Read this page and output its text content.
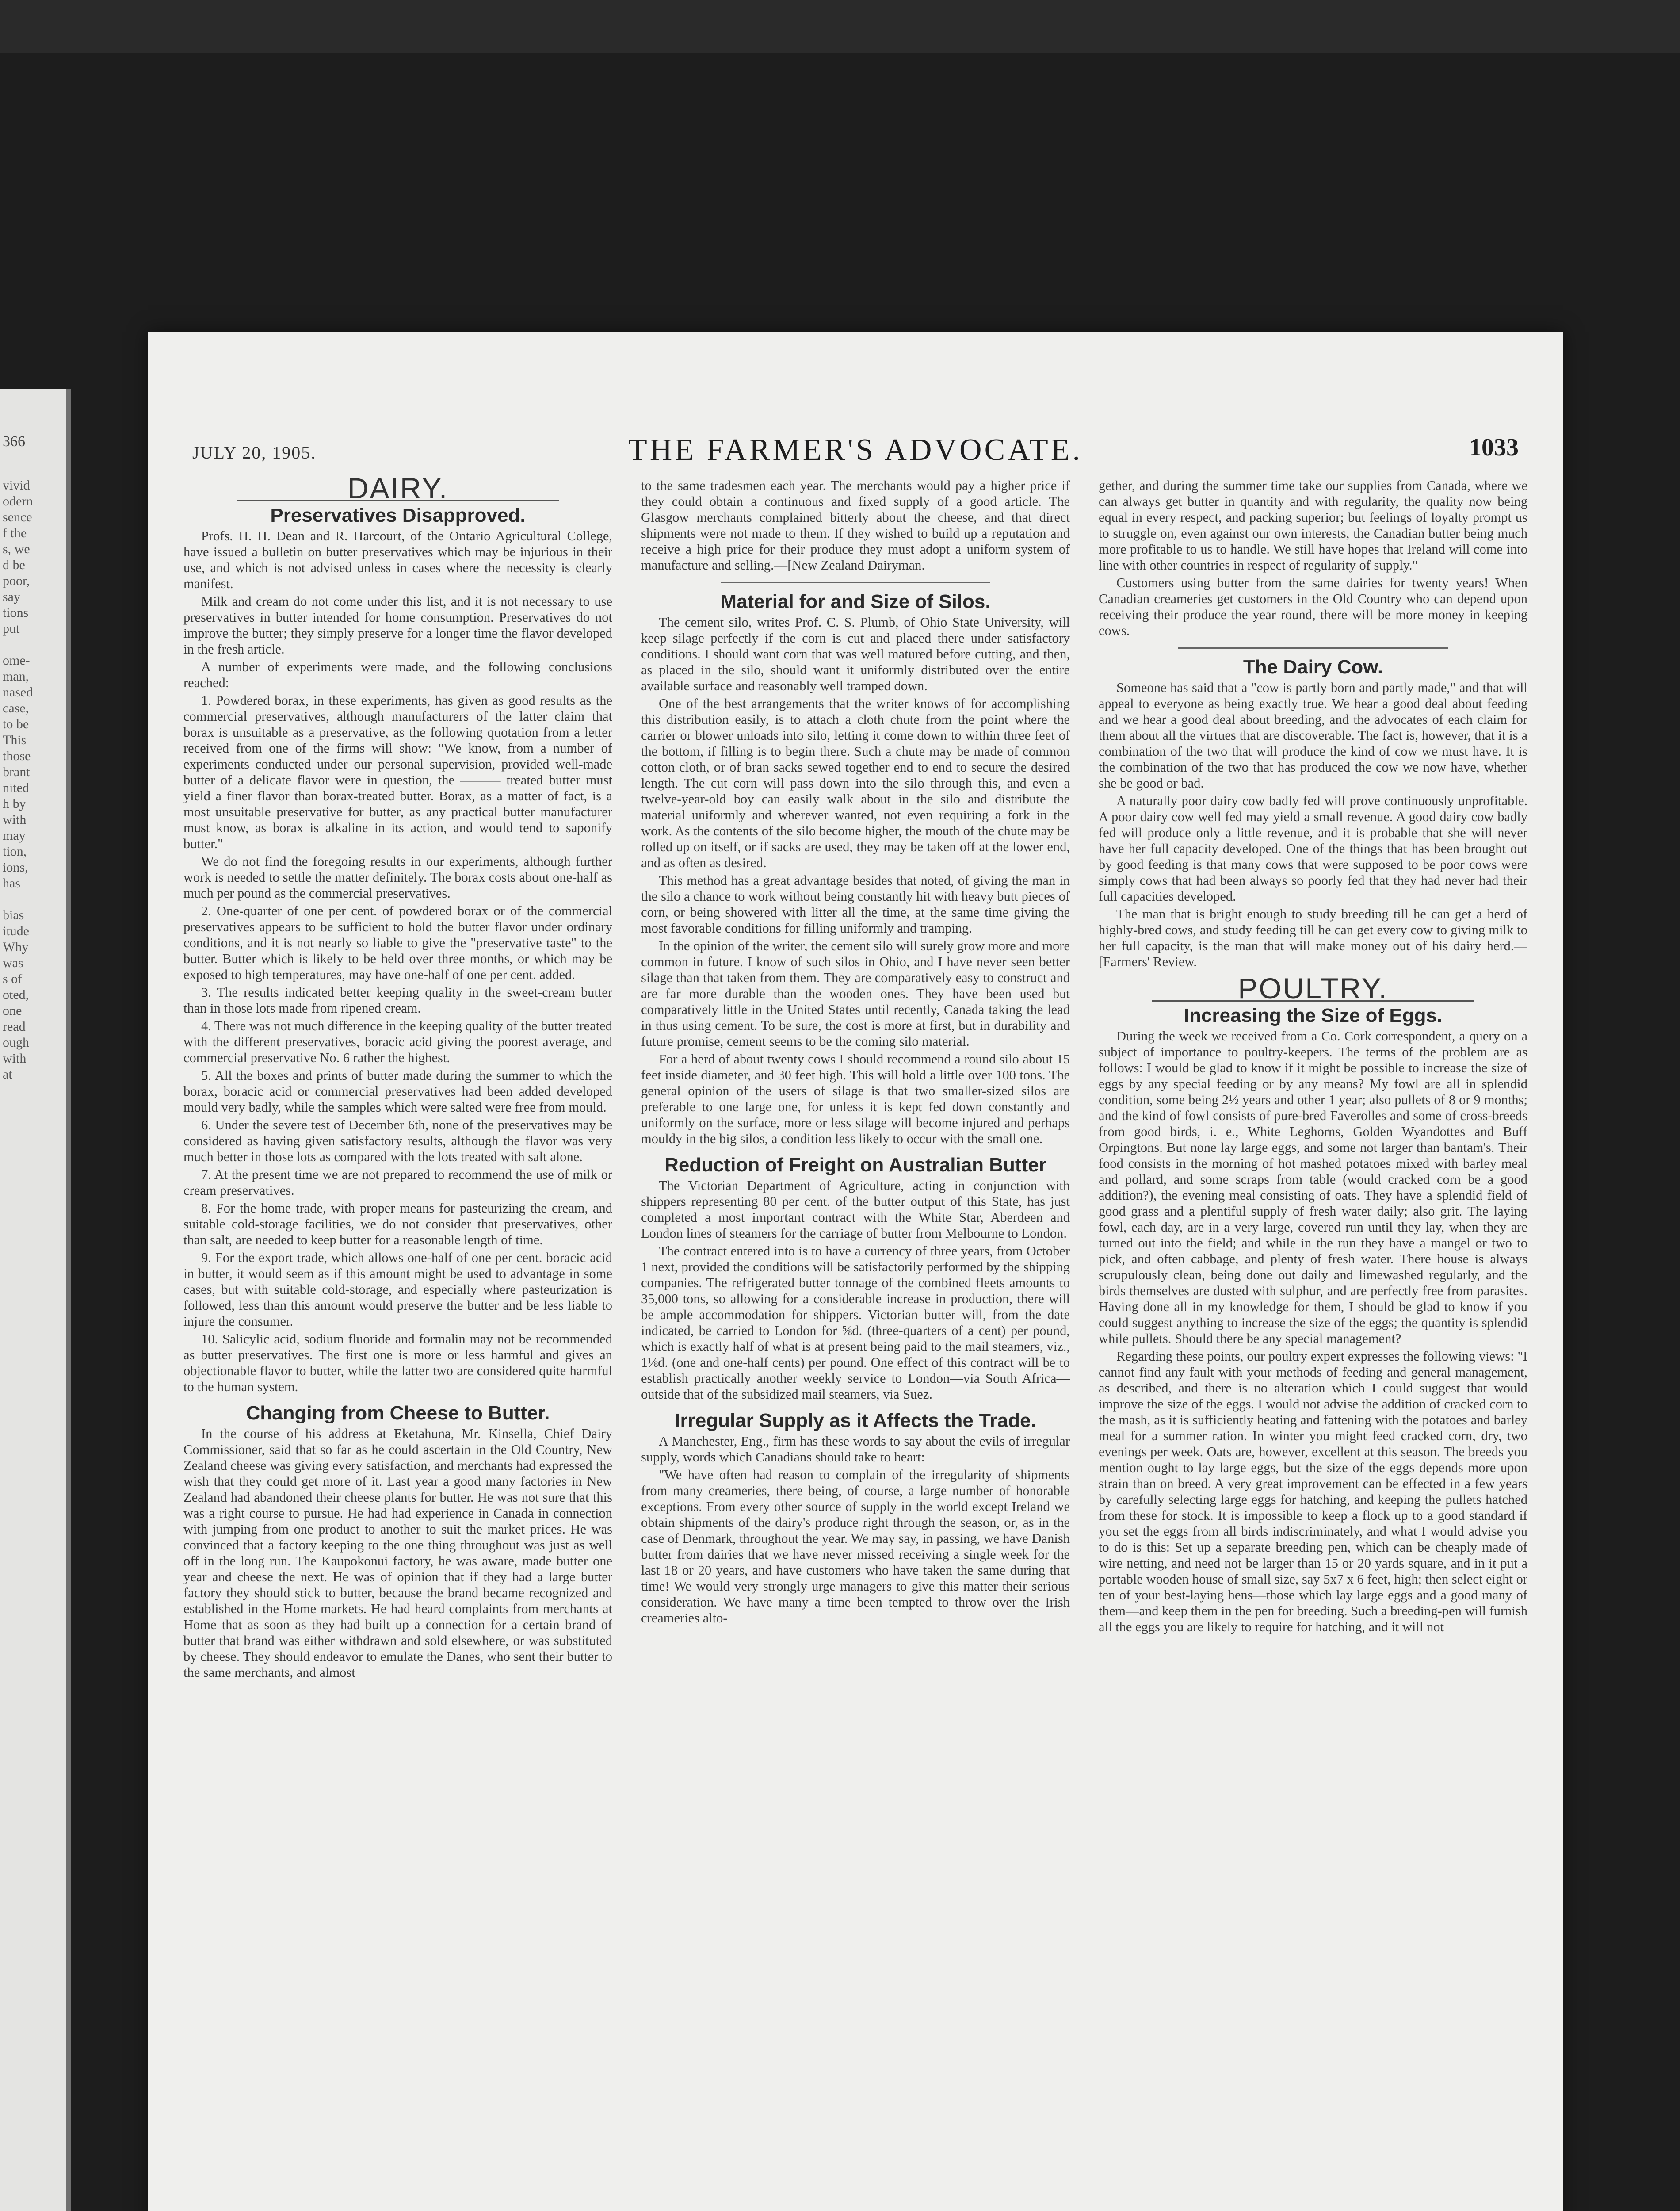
366
vivid
odern
sence
f the
s, we
d be
poor,
say
tions
put

ome-
man,
nased
case,
to be
This
those
brant
nited
h by
with
may
tion,
ions,
has

bias
itude
Why
was
s of
oted,
one
read
ough
with
at
JULY 20, 1905.	THE FARMER'S ADVOCATE.	1033
DAIRY.
Preservatives Disapproved.

Profs. H. H. Dean and R. Harcourt, of the Ontario Agricultural College, have issued a bulletin on butter preservatives which may be injurious in their use, and which is not advised unless in cases where the necessity is clearly manifest.

Milk and cream do not come under this list, and it is not necessary to use preservatives in butter intended for home consumption. Preservatives do not improve the butter; they simply preserve for a longer time the flavor developed in the fresh article.

A number of experiments were made, and the following conclusions reached:

1. Powdered borax, in these experiments, has given as good results as the commercial preservatives, although manufacturers of the latter claim that borax is unsuitable as a preservative, as the following quotation from a letter received from one of the firms will show: "We know, from a number of experiments conducted under our personal supervision, provided well-made butter of a delicate flavor were in question, the ——— treated butter must yield a finer flavor than borax-treated butter. Borax, as a matter of fact, is a most unsuitable preservative for butter, as any practical butter manufacturer must know, as borax is alkaline in its action, and would tend to saponify butter."

We do not find the foregoing results in our experiments, although further work is needed to settle the matter definitely. The borax costs about one-half as much per pound as the commercial preservatives.

2. One-quarter of one per cent. of powdered borax or of the commercial preservatives appears to be sufficient to hold the butter flavor under ordinary conditions, and it is not nearly so liable to give the "preservative taste" to the butter. Butter which is likely to be held over three months, or which may be exposed to high temperatures, may have one-half of one per cent. added.

3. The results indicated better keeping quality in the sweet-cream butter than in those lots made from ripened cream.

4. There was not much difference in the keeping quality of the butter treated with the different preservatives, boracic acid giving the poorest average, and commercial preservative No. 6 rather the highest.

5. All the boxes and prints of butter made during the summer to which the borax, boracic acid or commercial preservatives had been added developed mould very badly, while the samples which were salted were free from mould.

6. Under the severe test of December 6th, none of the preservatives may be considered as having given satisfactory results, although the flavor was very much better in those lots as compared with the lots treated with salt alone.

7. At the present time we are not prepared to recommend the use of milk or cream preservatives.

8. For the home trade, with proper means for pasteurizing the cream, and suitable cold-storage facilities, we do not consider that preservatives, other than salt, are needed to keep butter for a reasonable length of time.

9. For the export trade, which allows one-half of one per cent. boracic acid in butter, it would seem as if this amount might be used to advantage in some cases, but with suitable cold-storage, and especially where pasteurization is followed, less than this amount would preserve the butter and be less liable to injure the consumer.

10. Salicylic acid, sodium fluoride and formalin may not be recommended as butter preservatives. The first one is more or less harmful and gives an objectionable flavor to butter, while the latter two are considered quite harmful to the human system.

Changing from Cheese to Butter.

In the course of his address at Eketahuna, Mr. Kinsella, Chief Dairy Commissioner, said that so far as he could ascertain in the Old Country, New Zealand cheese was giving every satisfaction, and merchants had expressed the wish that they could get more of it. Last year a good many factories in New Zealand had abandoned their cheese plants for butter. He was not sure that this was a right course to pursue. He had had experience in Canada in connection with jumping from one product to another to suit the market prices. He was convinced that a factory keeping to the one thing throughout was just as well off in the long run. The Kaupokonui factory, he was aware, made butter one year and cheese the next. He was of opinion that if they had a large butter factory they should stick to butter, because the brand became recognized and established in the Home markets. He had heard complaints from merchants at Home that as soon as they had built up a connection for a certain brand of butter that brand was either withdrawn and sold elsewhere, or was substituted by cheese. They should endeavor to emulate the Danes, who sent their butter to the same merchants, and almost

to the same tradesmen each year. The merchants would pay a higher price if they could obtain a continuous and fixed supply of a good article. The Glasgow merchants complained bitterly about the cheese, and that direct shipments were not made to them. If they wished to build up a reputation and receive a high price for their produce they must adopt a uniform system of manufacture and selling.—[New Zealand Dairyman.

Material for and Size of Silos.

The cement silo, writes Prof. C. S. Plumb, of Ohio State University, will keep silage perfectly if the corn is cut and placed there under satisfactory conditions. I should want corn that was well matured before cutting, and then, as placed in the silo, should want it uniformly distributed over the entire available surface and reasonably well tramped down.

One of the best arrangements that the writer knows of for accomplishing this distribution easily, is to attach a cloth chute from the point where the carrier or blower unloads into silo, letting it come down to within three feet of the bottom, if filling is to begin there. Such a chute may be made of common cotton cloth, or of bran sacks sewed together end to end to secure the desired length. The cut corn will pass down into the silo through this, and even a twelve-year-old boy can easily walk about in the silo and distribute the material uniformly and wherever wanted, not even requiring a fork in the work. As the contents of the silo become higher, the mouth of the chute may be rolled up on itself, or if sacks are used, they may be taken off at the lower end, and as often as desired.

This method has a great advantage besides that noted, of giving the man in the silo a chance to work without being constantly hit with heavy butt pieces of corn, or being showered with litter all the time, at the same time giving the most favorable conditions for filling uniformly and tramping.

In the opinion of the writer, the cement silo will surely grow more and more common in future. I know of such silos in Ohio, and I have never seen better silage than that taken from them. They are comparatively easy to construct and are far more durable than the wooden ones. They have been used but comparatively little in the United States until recently, Canada taking the lead in thus using cement. To be sure, the cost is more at first, but in durability and future promise, cement seems to be the coming silo material.

For a herd of about twenty cows I should recommend a round silo about 15 feet inside diameter, and 30 feet high. This will hold a little over 100 tons. The general opinion of the users of silage is that two smaller-sized silos are preferable to one large one, for unless it is kept fed down constantly and uniformly on the surface, more or less silage will become injured and perhaps mouldy in the big silos, a condition less likely to occur with the small one.

Reduction of Freight on Australian Butter

The Victorian Department of Agriculture, acting in conjunction with shippers representing 80 per cent. of the butter output of this State, has just completed a most important contract with the White Star, Aberdeen and London lines of steamers for the carriage of butter from Melbourne to London.

The contract entered into is to have a currency of three years, from October 1 next, provided the conditions will be satisfactorily performed by the shipping companies. The refrigerated butter tonnage of the combined fleets amounts to 35,000 tons, so allowing for a considerable increase in production, there will be ample accommodation for shippers. Victorian butter will, from the date indicated, be carried to London for ⅝d. (three-quarters of a cent) per pound, which is exactly half of what is at present being paid to the mail steamers, viz., 1⅛d. (one and one-half cents) per pound. One effect of this contract will be to establish practically another weekly service to London—via South Africa—outside that of the subsidized mail steamers, via Suez.

Irregular Supply as it Affects the Trade.

A Manchester, Eng., firm has these words to say about the evils of irregular supply, words which Canadians should take to heart:

"We have often had reason to complain of the irregularity of shipments from many creameries, there being, of course, a large number of honorable exceptions. From every other source of supply in the world except Ireland we obtain shipments of the dairy's produce right through the season, or, as in the case of Denmark, throughout the year. We may say, in passing, we have Danish butter from dairies that we have never missed receiving a single week for the last 18 or 20 years, and have customers who have taken the same during that time! We would very strongly urge managers to give this matter their serious consideration. We have many a time been tempted to throw over the Irish creameries alto-

gether, and during the summer time take our supplies from Canada, where we can always get butter in quantity and with regularity, the quality now being equal in every respect, and packing superior; but feelings of loyalty prompt us to struggle on, even against our own interests, the Canadian butter being much more profitable to us to handle. We still have hopes that Ireland will come into line with other countries in respect of regularity of supply."

Customers using butter from the same dairies for twenty years! When Canadian creameries get customers in the Old Country who can depend upon receiving their produce the year round, there will be more money in keeping cows.

The Dairy Cow.

Someone has said that a "cow is partly born and partly made," and that will appeal to everyone as being exactly true. We hear a good deal about feeding and we hear a good deal about breeding, and the advocates of each claim for them about all the virtues that are discoverable. The fact is, however, that it is a combination of the two that will produce the kind of cow we must have. It is the combination of the two that has produced the cow we now have, whether she be good or bad.

A naturally poor dairy cow badly fed will prove continuously unprofitable. A poor dairy cow well fed may yield a small revenue. A good dairy cow badly fed will produce only a little revenue, and it is probable that she will never have her full capacity developed. One of the things that has been brought out by good feeding is that many cows that were supposed to be poor cows were simply cows that had been always so poorly fed that they had never had their full capacities developed.

The man that is bright enough to study breeding till he can get a herd of highly-bred cows, and study feeding till he can get every cow to giving milk to her full capacity, is the man that will make money out of his dairy herd.—[Farmers' Review.

POULTRY.
Increasing the Size of Eggs.

During the week we received from a Co. Cork correspondent, a query on a subject of importance to poultry-keepers. The terms of the problem are as follows: I would be glad to know if it might be possible to increase the size of eggs by any special feeding or by any means? My fowl are all in splendid condition, some being 2½ years and other 1 year; also pullets of 8 or 9 months; and the kind of fowl consists of pure-bred Faverolles and some of cross-breeds from good birds, i. e., White Leghorns, Golden Wyandottes and Buff Orpingtons. But none lay large eggs, and some not larger than bantam's. Their food consists in the morning of hot mashed potatoes mixed with barley meal and pollard, and some scraps from table (would cracked corn be a good addition?), the evening meal consisting of oats. They have a splendid field of good grass and a plentiful supply of fresh water daily; also grit. The laying fowl, each day, are in a very large, covered run until they lay, when they are turned out into the field; and while in the run they have a mangel or two to pick, and often cabbage, and plenty of fresh water. There house is always scrupulously clean, being done out daily and limewashed regularly, and the birds themselves are dusted with sulphur, and are perfectly free from parasites. Having done all in my knowledge for them, I should be glad to know if you could suggest anything to increase the size of the eggs; the quantity is splendid while pullets. Should there be any special management?

Regarding these points, our poultry expert expresses the following views: "I cannot find any fault with your methods of feeding and general management, as described, and there is no alteration which I could suggest that would improve the size of the eggs. I would not advise the addition of cracked corn to the mash, as it is sufficiently heating and fattening with the potatoes and barley meal for a summer ration. In winter you might feed cracked corn, dry, two evenings per week. Oats are, however, excellent at this season. The breeds you mention ought to lay large eggs, but the size of the eggs depends more upon strain than on breed. A very great improvement can be effected in a few years by carefully selecting large eggs for hatching, and keeping the pullets hatched from these for stock. It is impossible to keep a flock up to a good standard if you set the eggs from all birds indiscriminately, and what I would advise you to do is this: Set up a separate breeding pen, which can be cheaply made of wire netting, and need not be larger than 15 or 20 yards square, and in it put a portable wooden house of small size, say 5x7 x 6 feet, high; then select eight or ten of your best-laying hens—those which lay large eggs and a good many of them—and keep them in the pen for breeding. Such a breeding-pen will furnish all the eggs you are likely to require for hatching, and it will not
